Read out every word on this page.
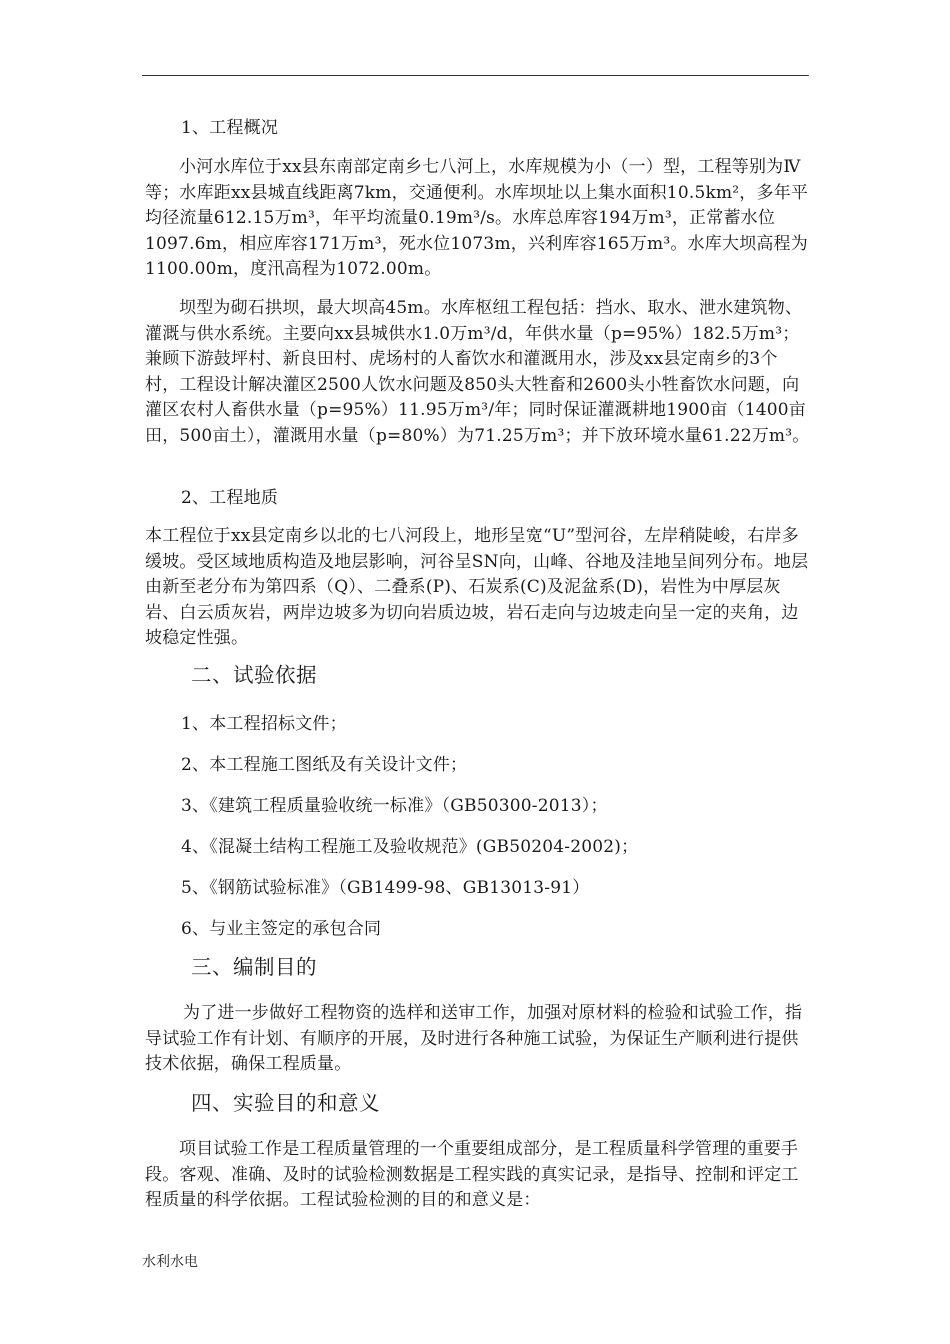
1、工程概况
小河水库位于xx县东南部定南乡七八河上，水库规模为小（一）型，工程等别为Ⅳ等；水库距xx县城直线距离7km，交通便利。水库坝址以上集水面积10.5km²，多年平均径流量612.15万m³，年平均流量0.19m³/s。水库总库容194万m³，正常蓄水位1097.6m，相应库容171万m³，死水位1073m，兴利库容165万m³。水库大坝高程为1100.00m，度汛高程为1072.00m。
坝型为砌石拱坝，最大坝高45m。水库枢纽工程包括：挡水、取水、泄水建筑物、灌溉与供水系统。主要向xx县城供水1.0万m³/d，年供水量（p=95%）182.5万m³；兼顾下游鼓坪村、新良田村、虎场村的人畜饮水和灌溉用水，涉及xx县定南乡的3个村，工程设计解决灌区2500人饮水问题及850头大牲畜和2600头小牲畜饮水问题，向灌区农村人畜供水量（p=95%）11.95万m³/年；同时保证灌溉耕地1900亩（1400亩田，500亩土），灌溉用水量（p=80%）为71.25万m³；并下放环境水量61.22万m³。
2、工程地质
本工程位于xx县定南乡以北的七八河段上，地形呈宽“U”型河谷，左岸稍陡峻，右岸多缓坡。受区域地质构造及地层影响，河谷呈SN向，山峰、谷地及洼地呈间列分布。地层由新至老分布为第四系（Q）、二叠系(P)、石炭系(C)及泥盆系(D)，岩性为中厚层灰岩、白云质灰岩，两岸边坡多为切向岩质边坡，岩石走向与边坡走向呈一定的夹角，边坡稳定性强。
二、试验依据
1、本工程招标文件；
2、本工程施工图纸及有关设计文件；
3、《建筑工程质量验收统一标准》（GB50300-2013）；
4、《混凝土结构工程施工及验收规范》(GB50204-2002)；
5、《钢筋试验标准》（GB1499-98、GB13013-91）
6、与业主签定的承包合同
三、编制目的
为了进一步做好工程物资的选样和送审工作，加强对原材料的检验和试验工作，指导试验工作有计划、有顺序的开展，及时进行各种施工试验，为保证生产顺利进行提供技术依据，确保工程质量。
四、实验目的和意义
项目试验工作是工程质量管理的一个重要组成部分，是工程质量科学管理的重要手段。客观、准确、及时的试验检测数据是工程实践的真实记录，是指导、控制和评定工程质量的科学依据。工程试验检测的目的和意义是：
水利水电
